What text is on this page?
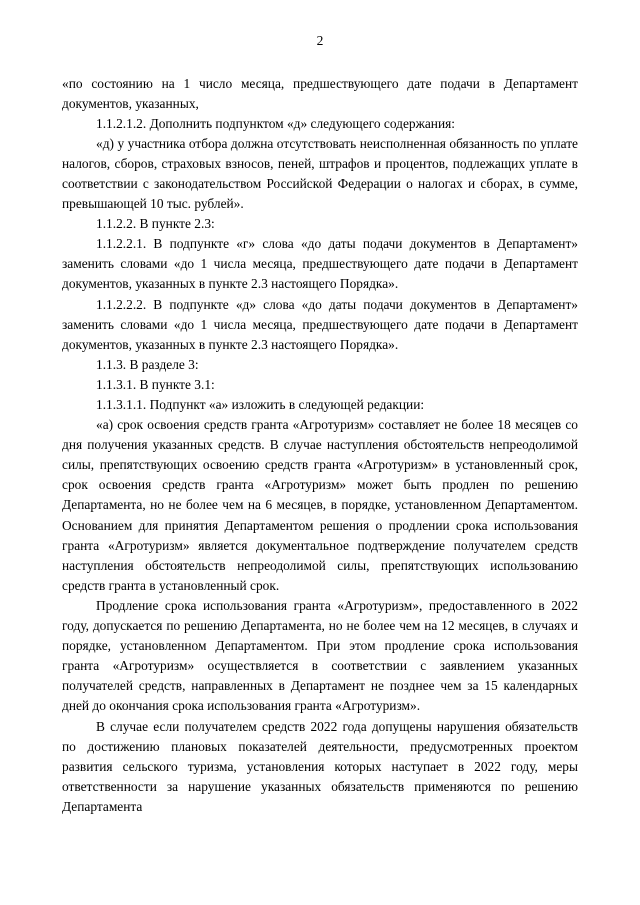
2

«по состоянию на 1 число месяца, предшествующего дате подачи в Департамент документов, указанных,

1.1.2.1.2. Дополнить подпунктом «д» следующего содержания:

«д) у участника отбора должна отсутствовать неисполненная обязанность по уплате налогов, сборов, страховых взносов, пеней, штрафов и процентов, подлежащих уплате в соответствии с законодательством Российской Федерации о налогах и сборах, в сумме, превышающей 10 тыс. рублей».

1.1.2.2. В пункте 2.3:

1.1.2.2.1. В подпункте «г» слова «до даты подачи документов в Департамент» заменить словами «до 1 числа месяца, предшествующего дате подачи в Департамент документов, указанных в пункте 2.3 настоящего Порядка».

1.1.2.2.2. В подпункте «д» слова «до даты подачи документов в Департамент» заменить словами «до 1 числа месяца, предшествующего дате подачи в Департамент документов, указанных в пункте 2.3 настоящего Порядка».

1.1.3. В разделе 3:

1.1.3.1. В пункте 3.1:

1.1.3.1.1. Подпункт «а» изложить в следующей редакции:

«а) срок освоения средств гранта «Агротуризм» составляет не более 18 месяцев со дня получения указанных средств. В случае наступления обстоятельств непреодолимой силы, препятствующих освоению средств гранта «Агротуризм» в установленный срок, срок освоения средств гранта «Агротуризм» может быть продлен по решению Департамента, но не более чем на 6 месяцев, в порядке, установленном Департаментом. Основанием для принятия Департаментом решения о продлении срока использования гранта «Агротуризм» является документальное подтверждение получателем средств наступления обстоятельств непреодолимой силы, препятствующих использованию средств гранта в установленный срок.

Продление срока использования гранта «Агротуризм», предоставленного в 2022 году, допускается по решению Департамента, но не более чем на 12 месяцев, в случаях и порядке, установленном Департаментом. При этом продление срока использования гранта «Агротуризм» осуществляется в соответствии с заявлением указанных получателей средств, направленных в Департамент не позднее чем за 15 календарных дней до окончания срока использования гранта «Агротуризм».

В случае если получателем средств 2022 года допущены нарушения обязательств по достижению плановых показателей деятельности, предусмотренных проектом развития сельского туризма, установления которых наступает в 2022 году, меры ответственности за нарушение указанных обязательств применяются по решению Департамента
